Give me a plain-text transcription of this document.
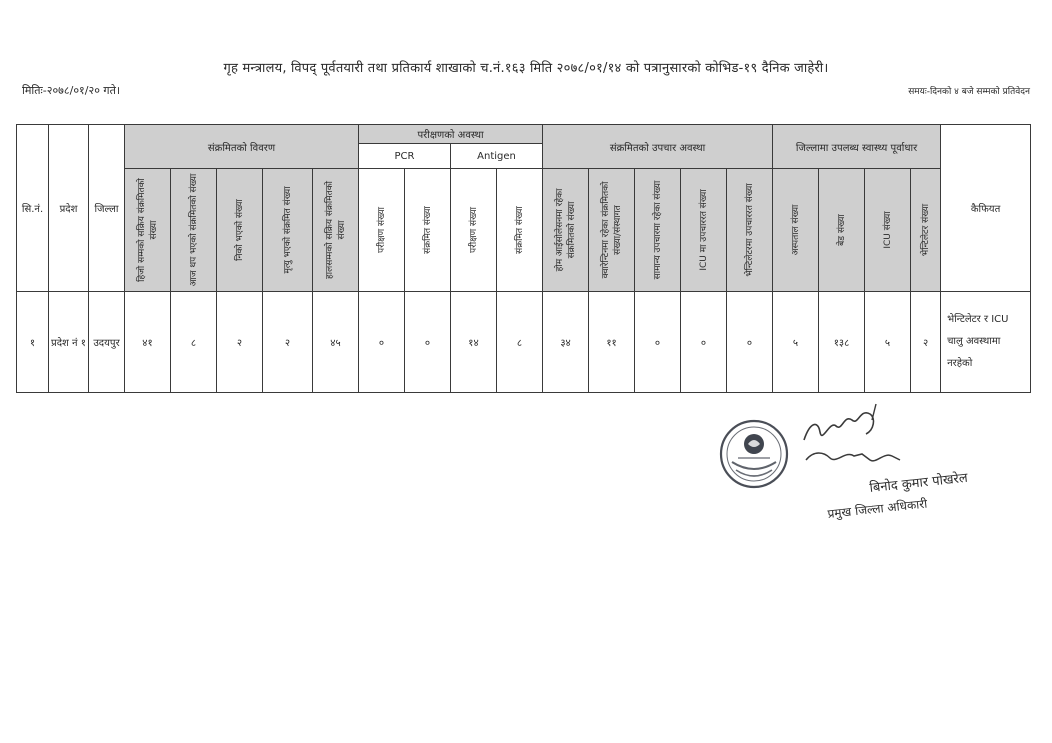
गृह मन्त्रालय, विपद् पूर्वतयारी तथा प्रतिकार्य शाखाको च.नं.१६३ मिति २०७८/०१/१४ को पत्रानुसारको कोभिड-१९ दैनिक जाहेरी।
मितिः-२०७८/०१/२० गते।	समयः-दिनको ४ बजे सम्मको प्रतिवेदन
सि.नं.	प्रदेश	जिल्ला	संक्रमितको विवरण					परीक्षणको अवस्था				संक्रमितको उपचार अवस्था					जिल्लामा उपलब्ध स्वास्थ्य पूर्वाधार				कैफियत
								PCR		Antigen											

			हिजो सम्मको सक्रिय संक्रमितको संख्या	आज थप भएको संक्रमितको संख्या	निको भएको संख्या	मृत्यु भएको संक्रमित संख्या	हालसम्मको सक्रिय संक्रमितको संख्या	परीक्षण संख्या	संक्रमित संख्या	परीक्षण संख्या	संक्रमित संख्या	होम आईसोलेसनमा रहेका संक्रमितको संख्या	क्वारेन्टिनमा रहेका संक्रमितको संख्या/संस्थागत	सामान्य उपचारमा रहेका संख्या	ICU मा उपचाररत संख्या	भेन्टिलेटरमा उपचाररत संख्या	अस्पताल संख्या	बेड संख्या	ICU संख्या	भेन्टिलेटर संख्या	

१	प्रदेश नं १	उदयपुर	४१	८	२	२	४५	०	०	१४	८	३४	११	०	०	०	५	१३८	५	२	भेन्टिलेटर र ICU चालु अवस्थामा नरहेको
बिनोद कुमार पोखरेल
प्रमुख जिल्ला अधिकारी
